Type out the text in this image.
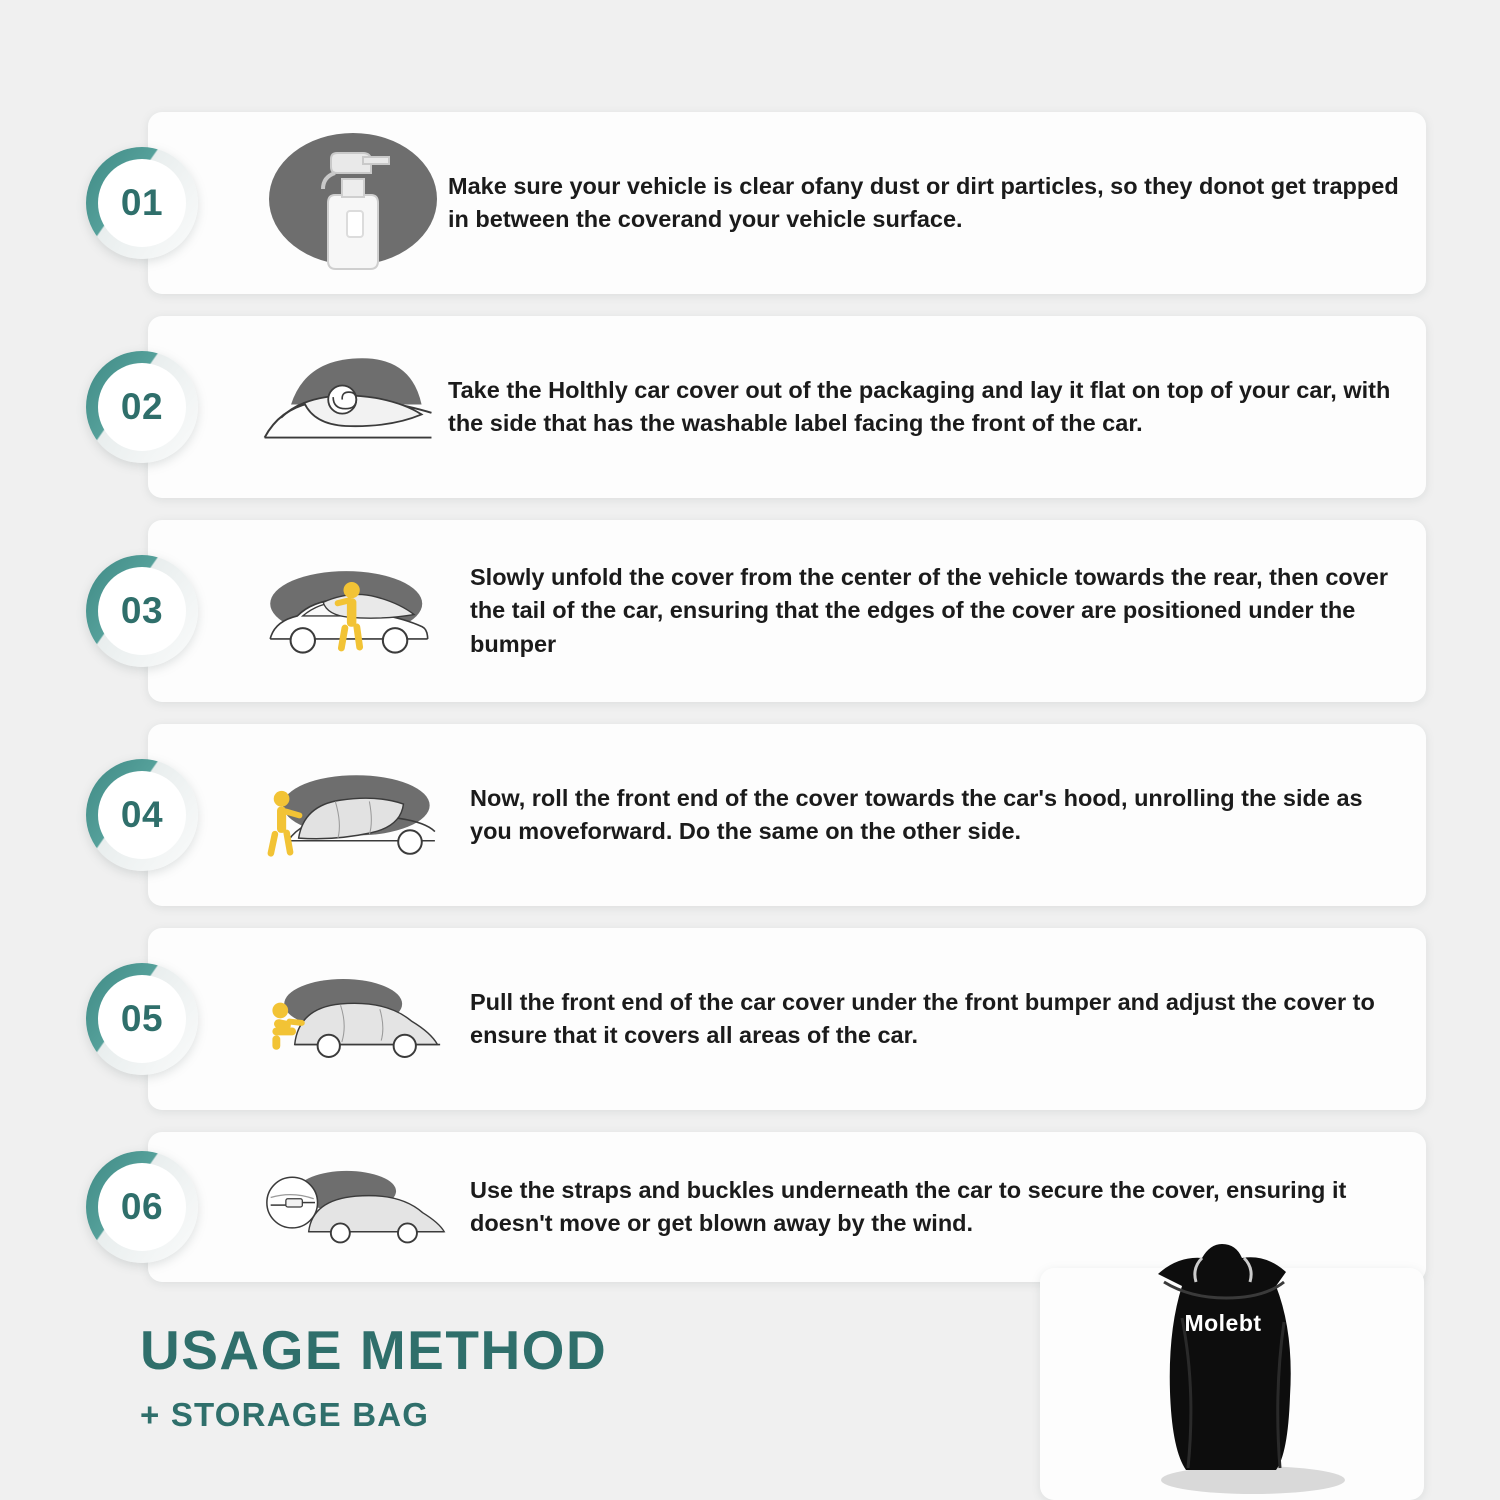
Make sure your vehicle is clear ofany dust or dirt particles, so they donot get trapped in between the coverand your vehicle surface.
01
Take the Holthly car cover out of the packaging and lay it flat on top of your car, with the side that has the washable label facing the front of the car.
02
Slowly unfold the cover from the center of the vehicle towards the rear, then cover the tail of the car, ensuring that the edges of the cover are positioned under the bumper
03
Now, roll the front end of the cover towards the car's hood, unrolling the side as you moveforward. Do the same on the other side.
04
Pull the front end of the car cover under the front bumper and adjust the cover to ensure that it covers all areas of the car.
05
Use the straps and buckles underneath the car to secure the cover, ensuring it doesn't move or get blown away by the wind.
06
USAGE METHOD
+ STORAGE BAG
Molebt
